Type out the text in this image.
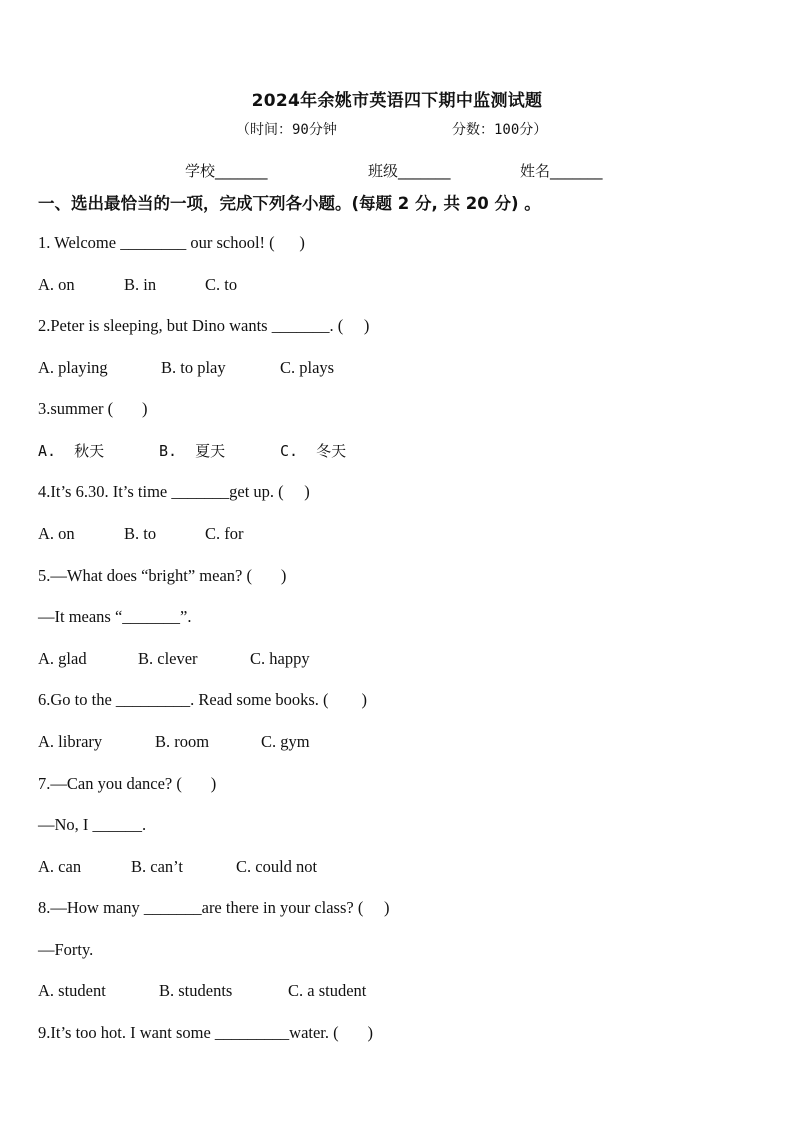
2024年余姚市英语四下期中监测试题
（时间：90分钟	分数：100分）
学校_______	班级_______	姓名_______
一、选出最恰当的一项，完成下列各小题。(每题 2 分, 共 20 分) 。
1. Welcome ________ our school! (      )
A. on	B. in	C. to
2.Peter is sleeping, but Dino wants _______. (     )
A. playing	B. to play	C. plays
3.summer (       )
A.  秋天	B.  夏天	C.  冬天
4.It’s 6.30. It’s time _______get up. (     )
A. on	B. to	C. for
5.—What does “bright” mean? (       )
—It means “_______”.
A. glad	B. clever	C. happy
6.Go to the _________. Read some books. (        )
A. library	B. room	C. gym
7.—Can you dance? (       )
—No, I ______.
A. can	B. can’t	C. could not
8.—How many _______are there in your class? (     )
—Forty.
A. student	B. students	C. a student
9.It’s too hot. I want some _________water. (       )
